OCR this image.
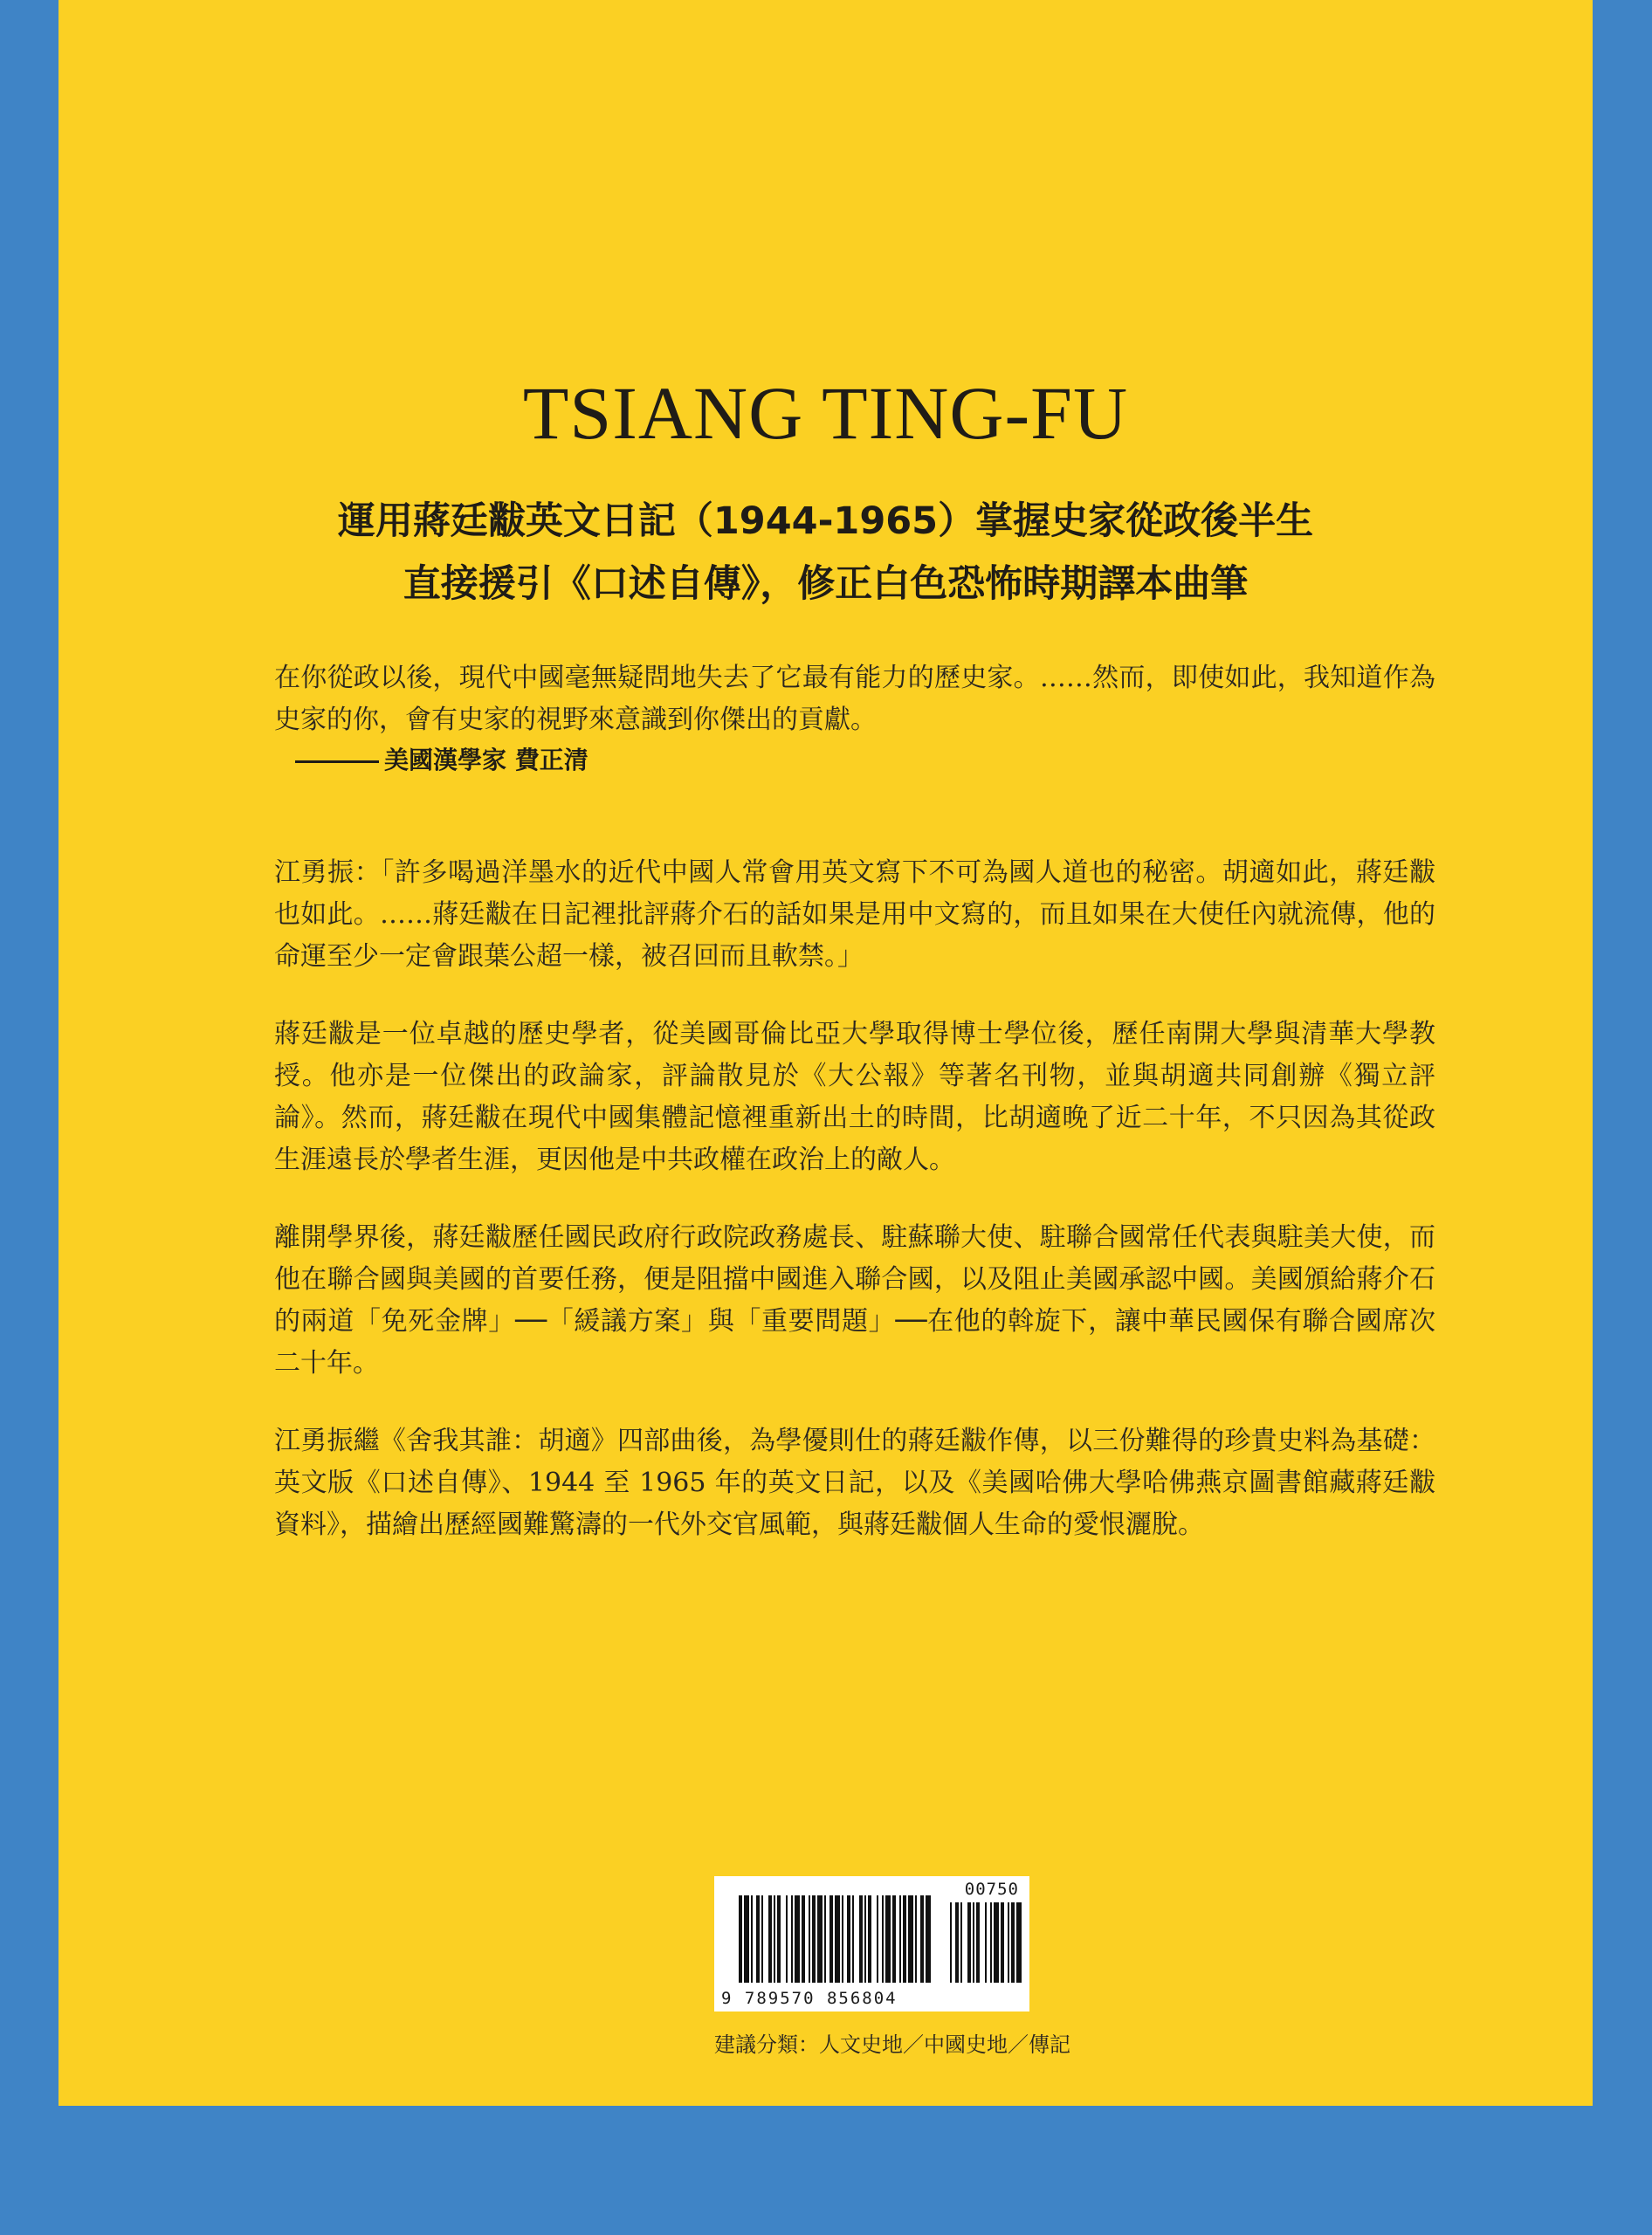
TSIANG TING-FU
運用蔣廷黻英文日記（1944-1965）掌握史家從政後半生
直接援引《口述自傳》，修正白色恐怖時期譯本曲筆

在你從政以後，現代中國毫無疑問地失去了它最有能力的歷史家。……然而，即使如此，我知道作為史家的你，會有史家的視野來意識到你傑出的貢獻。

美國漢學家 費正清

江勇振：「許多喝過洋墨水的近代中國人常會用英文寫下不可為國人道也的秘密。胡適如此，蔣廷黻也如此。……蔣廷黻在日記裡批評蔣介石的話如果是用中文寫的，而且如果在大使任內就流傳，他的命運至少一定會跟葉公超一樣，被召回而且軟禁。」

蔣廷黻是一位卓越的歷史學者，從美國哥倫比亞大學取得博士學位後，歷任南開大學與清華大學教授。他亦是一位傑出的政論家，評論散見於《大公報》等著名刊物，並與胡適共同創辦《獨立評論》。然而，蔣廷黻在現代中國集體記憶裡重新出土的時間，比胡適晚了近二十年，不只因為其從政生涯遠長於學者生涯，更因他是中共政權在政治上的敵人。

離開學界後，蔣廷黻歷任國民政府行政院政務處長、駐蘇聯大使、駐聯合國常任代表與駐美大使，而他在聯合國與美國的首要任務，便是阻擋中國進入聯合國，以及阻止美國承認中國。美國頒給蔣介石的兩道「免死金牌」──「緩議方案」與「重要問題」──在他的斡旋下，讓中華民國保有聯合國席次二十年。

江勇振繼《舍我其誰：胡適》四部曲後，為學優則仕的蔣廷黻作傳，以三份難得的珍貴史料為基礎：英文版《口述自傳》、1944 至 1965 年的英文日記，以及《美國哈佛大學哈佛燕京圖書館藏蔣廷黻資料》，描繪出歷經國難驚濤的一代外交官風範，與蔣廷黻個人生命的愛恨灑脫。

00750
9 789570 856804
建議分類：人文史地／中國史地／傳記
